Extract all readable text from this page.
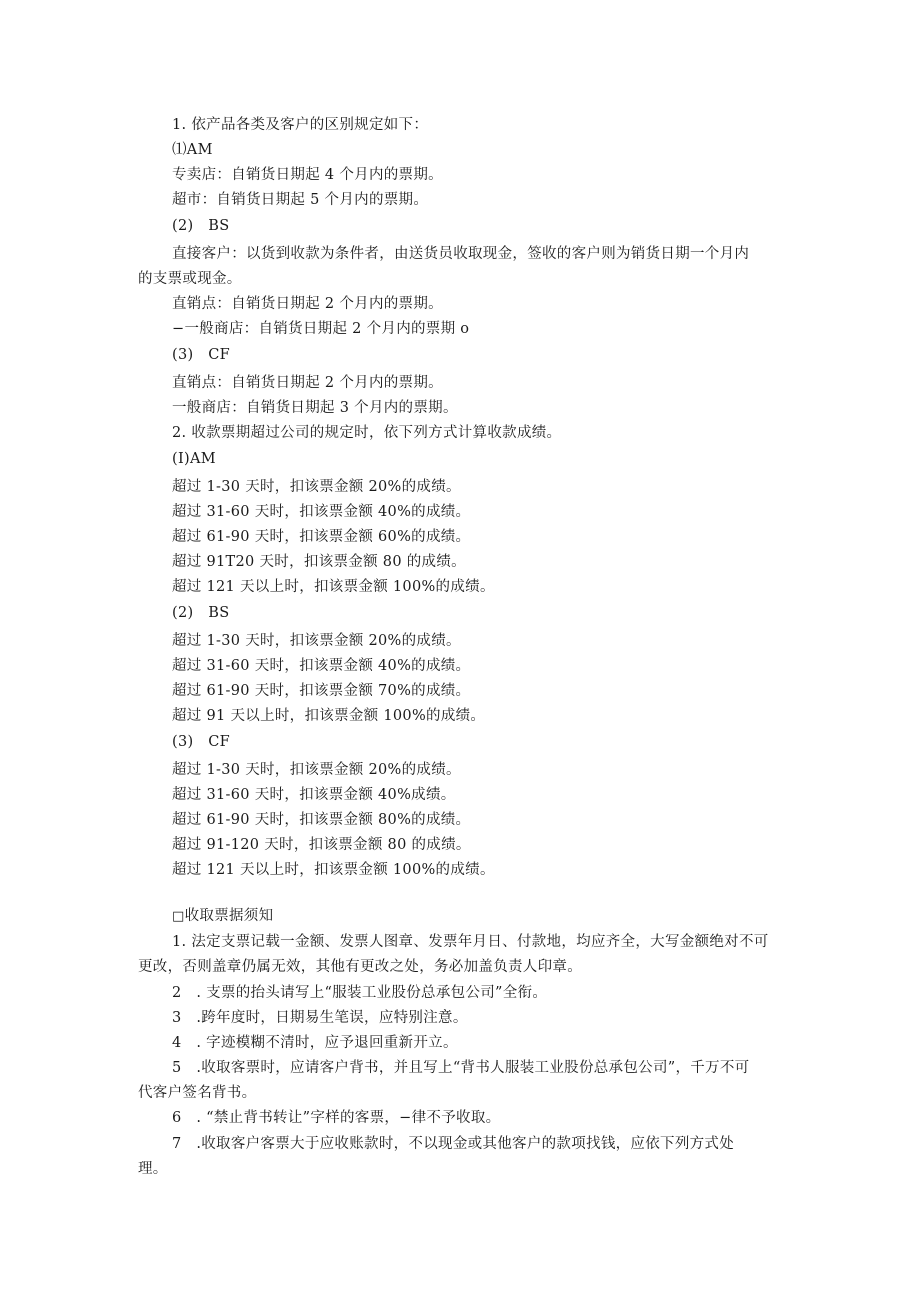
1. 依产品各类及客户的区别规定如下：

⑴AM

专卖店：自销货日期起 4 个月内的票期。

超市：自销货日期起 5 个月内的票期。

(2)　BS

直接客户：以货到收款为条件者，由送货员收取现金，签收的客户则为销货日期一个月内

的支票或现金。

直销点：自销货日期起 2 个月内的票期。

−一般商店：自销货日期起 2 个月内的票期 o

(3)　CF

直销点：自销货日期起 2 个月内的票期。

一般商店：自销货日期起 3 个月内的票期。

2. 收款票期超过公司的规定时，依下列方式计算收款成绩。

(I)AM

超过 1-30 天时，扣该票金额 20%的成绩。

超过 31-60 天时，扣该票金额 40%的成绩。

超过 61-90 天时，扣该票金额 60%的成绩。

超过 91T20 天时，扣该票金额 80 的成绩。

超过 121 天以上时，扣该票金额 100%的成绩。

(2)　BS

超过 1-30 天时，扣该票金额 20%的成绩。

超过 31-60 天时，扣该票金额 40%的成绩。

超过 61-90 天时，扣该票金额 70%的成绩。

超过 91 天以上时，扣该票金额 100%的成绩。

(3)　CF

超过 1-30 天时，扣该票金额 20%的成绩。

超过 31-60 天时，扣该票金额 40%成绩。

超过 61-90 天时，扣该票金额 80%的成绩。

超过 91-120 天时，扣该票金额 80 的成绩。

超过 121 天以上时，扣该票金额 100%的成绩。

□收取票据须知

1. 法定支票记载一金额、发票人图章、发票年月日、付款地，均应齐全，大写金额绝对不可

更改，否则盖章仍属无效，其他有更改之处，务必加盖负责人印章。

2　. 支票的抬头请写上“服装工业股份总承包公司”全衔。

3　.跨年度时，日期易生笔误，应特别注意。

4　. 字迹模糊不清时，应予退回重新开立。

5　.收取客票时，应请客户背书，并且写上“背书人服装工业股份总承包公司”，千万不可

代客户签名背书。

6　. “禁止背书转让”字样的客票，−律不予收取。

7　.收取客户客票大于应收账款时，不以现金或其他客户的款项找钱，应依下列方式处

理。
